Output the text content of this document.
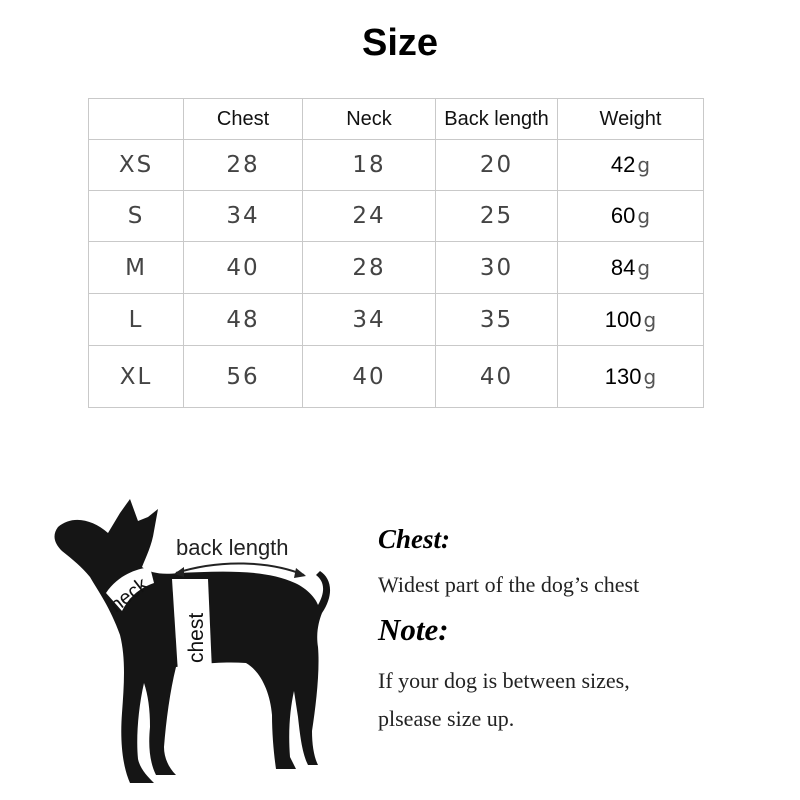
Size
	Chest	Neck	Back length	Weight
XS	28	18	20	42 g
S	34	24	25	60 g
M	40	28	30	84 g
L	48	34	35	100 g
XL	56	40	40	130 g
back length
neck
chest
Chest:
Widest part of the dog’s chest
Note:
If your dog is between sizes,
plsease size up.
